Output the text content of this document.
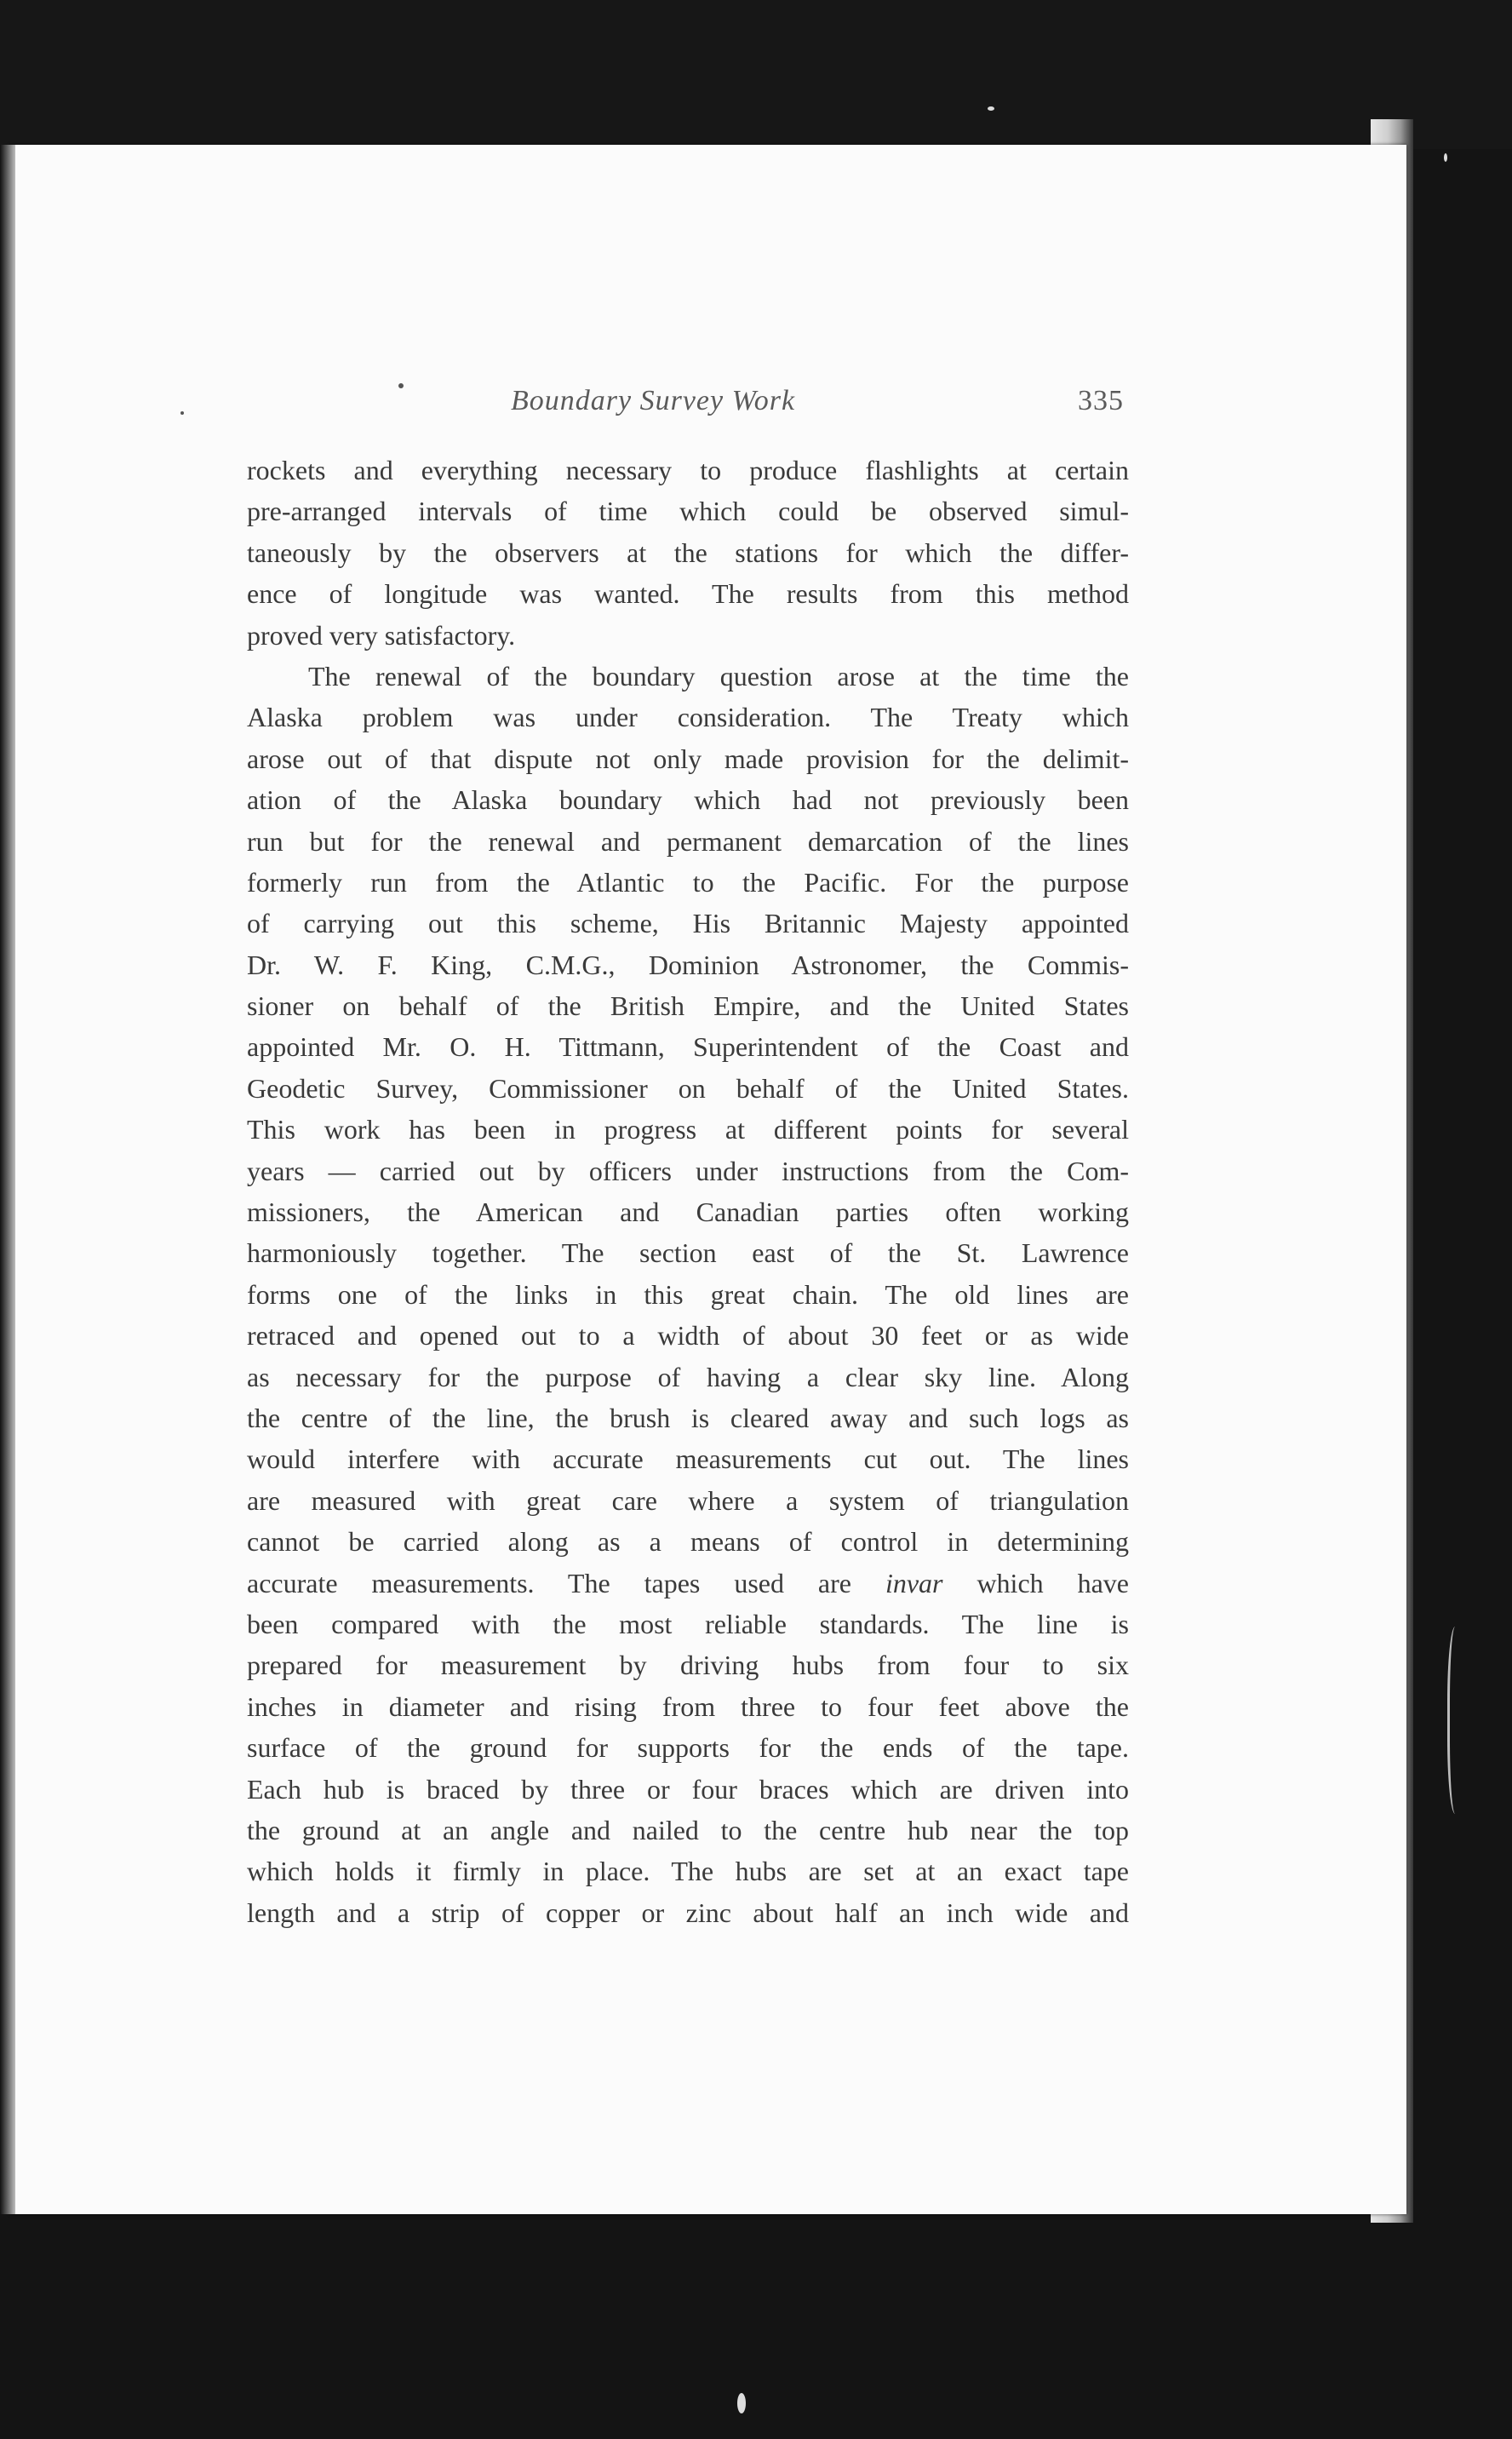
Boundary Survey Work	335
rockets and everything necessary to produce flashlights at certain
pre-arranged intervals of time which could be observed simul-
taneously by the observers at the stations for which the differ-
ence of longitude was wanted. The results from this method
proved very satisfactory.
The renewal of the boundary question arose at the time the
Alaska problem was under consideration. The Treaty which
arose out of that dispute not only made provision for the delimit-
ation of the Alaska boundary which had not previously been
run but for the renewal and permanent demarcation of the lines
formerly run from the Atlantic to the Pacific. For the purpose
of carrying out this scheme, His Britannic Majesty appointed
Dr. W. F. King, C.M.G., Dominion Astronomer, the Commis-
sioner on behalf of the British Empire, and the United States
appointed Mr. O. H. Tittmann, Superintendent of the Coast and
Geodetic Survey, Commissioner on behalf of the United States.
This work has been in progress at different points for several
years — carried out by officers under instructions from the Com-
missioners, the American and Canadian parties often working
harmoniously together. The section east of the St. Lawrence
forms one of the links in this great chain. The old lines are
retraced and opened out to a width of about 30 feet or as wide
as necessary for the purpose of having a clear sky line. Along
the centre of the line, the brush is cleared away and such logs as
would interfere with accurate measurements cut out. The lines
are measured with great care where a system of triangulation
cannot be carried along as a means of control in determining
accurate measurements. The tapes used are invar which have
been compared with the most reliable standards. The line is
prepared for measurement by driving hubs from four to six
inches in diameter and rising from three to four feet above the
surface of the ground for supports for the ends of the tape.
Each hub is braced by three or four braces which are driven into
the ground at an angle and nailed to the centre hub near the top
which holds it firmly in place. The hubs are set at an exact tape
length and a strip of copper or zinc about half an inch wide and
